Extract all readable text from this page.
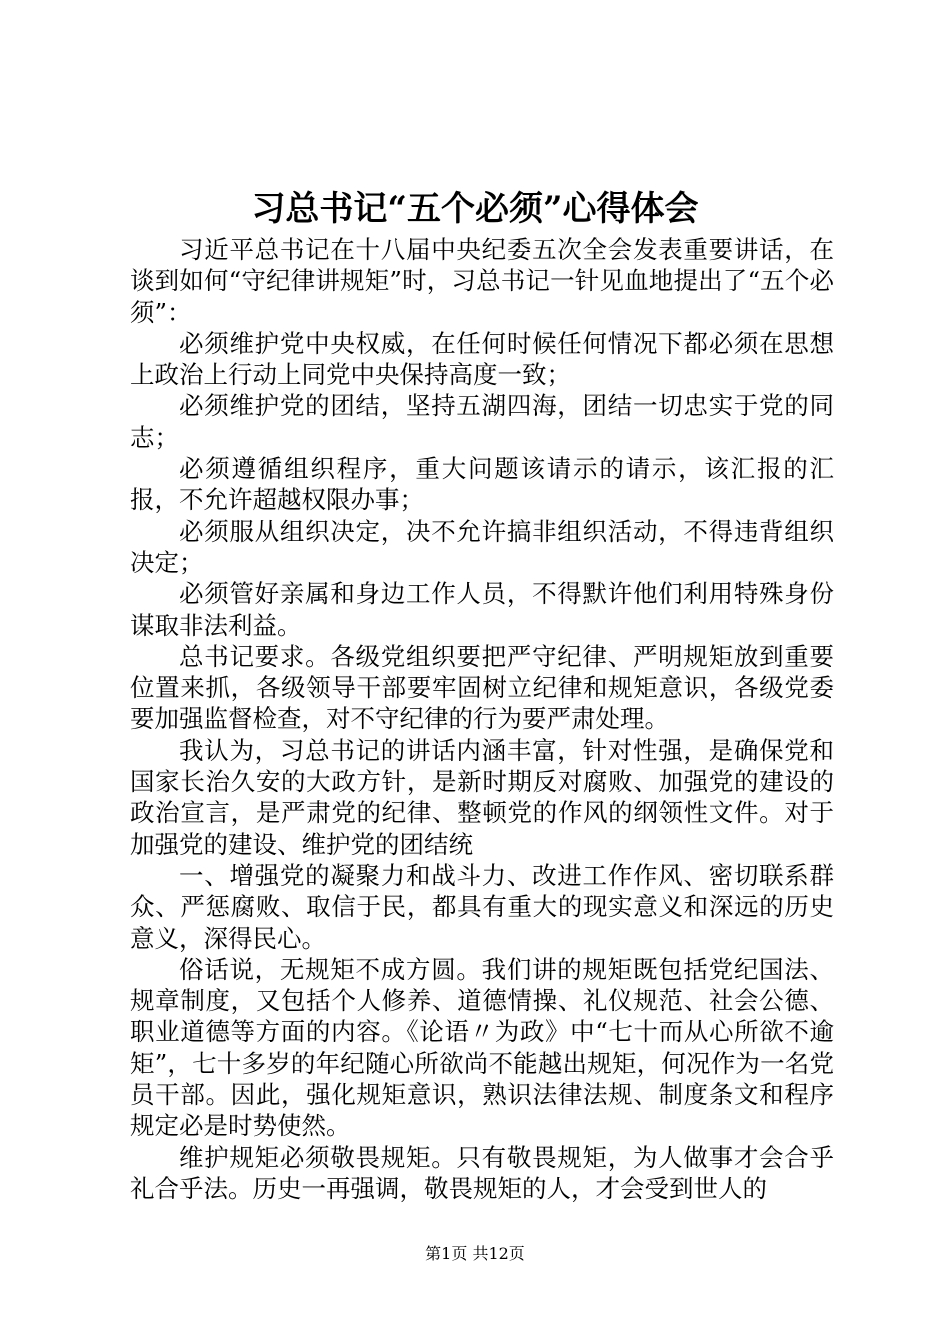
习总书记“五个必须”心得体会

习近平总书记在十八届中央纪委五次全会发表重要讲话，在谈到如何“守纪律讲规矩”时，习总书记一针见血地提出了“五个必须”：

必须维护党中央权威，在任何时候任何情况下都必须在思想上政治上行动上同党中央保持高度一致；

必须维护党的团结，坚持五湖四海，团结一切忠实于党的同志；

必须遵循组织程序，重大问题该请示的请示，该汇报的汇报，不允许超越权限办事；

必须服从组织决定，决不允许搞非组织活动，不得违背组织决定；

必须管好亲属和身边工作人员，不得默许他们利用特殊身份谋取非法利益。

总书记要求。各级党组织要把严守纪律、严明规矩放到重要位置来抓，各级领导干部要牢固树立纪律和规矩意识，各级党委要加强监督检查，对不守纪律的行为要严肃处理。

我认为，习总书记的讲话内涵丰富，针对性强，是确保党和国家长治久安的大政方针，是新时期反对腐败、加强党的建设的政治宣言，是严肃党的纪律、整顿党的作风的纲领性文件。对于加强党的建设、维护党的团结统

一、增强党的凝聚力和战斗力、改进工作作风、密切联系群众、严惩腐败、取信于民，都具有重大的现实意义和深远的历史意义，深得民心。

俗话说，无规矩不成方圆。我们讲的规矩既包括党纪国法、规章制度，又包括个人修养、道德情操、礼仪规范、社会公德、职业道德等方面的内容。《论语〃为政》中“七十而从心所欲不逾矩”，七十多岁的年纪随心所欲尚不能越出规矩，何况作为一名党员干部。因此，强化规矩意识，熟识法律法规、制度条文和程序规定必是时势使然。

维护规矩必须敬畏规矩。只有敬畏规矩，为人做事才会合乎礼合乎法。历史一再强调，敬畏规矩的人，才会受到世人的

第1页 共12页
